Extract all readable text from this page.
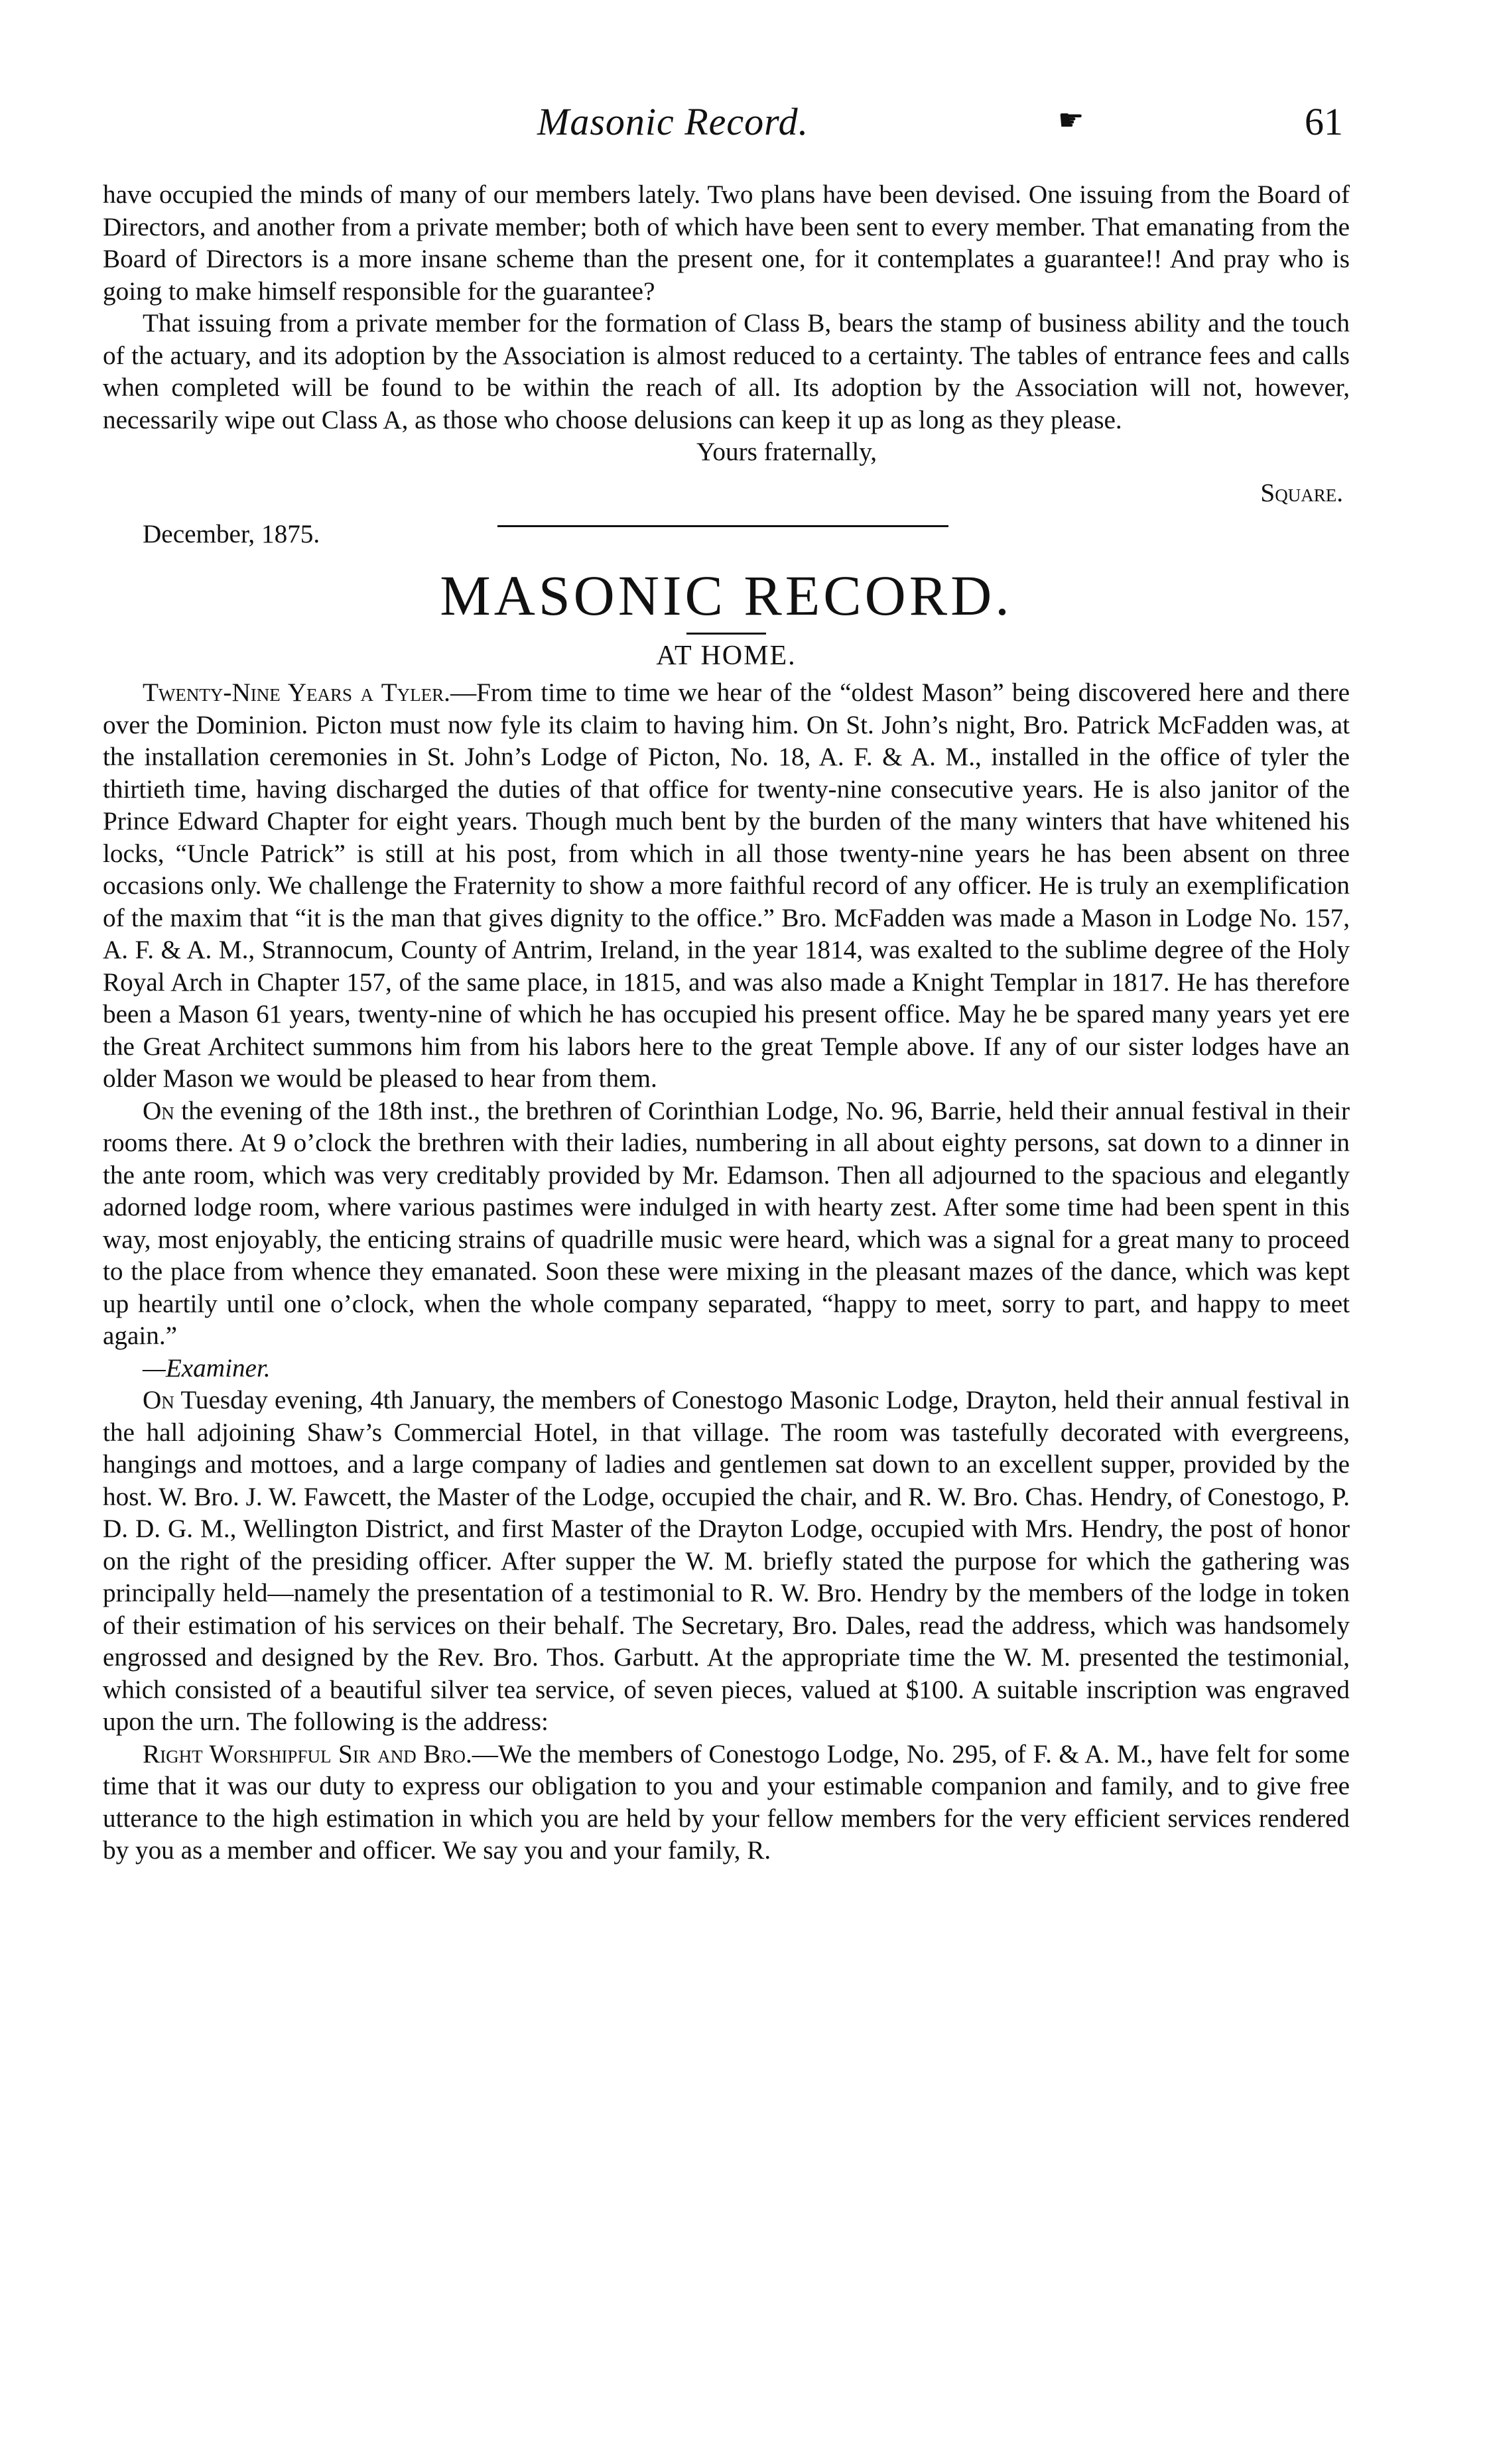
Masonic Record.	☛	61

have occupied the minds of many of our members lately. Two plans have been devised. One issuing from the Board of Directors, and another from a private member; both of which have been sent to every member. That emanating from the Board of Directors is a more insane scheme than the present one, for it contemplates a guarantee!! And pray who is going to make himself responsible for the guarantee?

That issuing from a private member for the formation of Class B, bears the stamp of business ability and the touch of the actuary, and its adoption by the Association is almost reduced to a certainty. The tables of entrance fees and calls when completed will be found to be within the reach of all. Its adoption by the Association will not, however, necessarily wipe out Class A, as those who choose delusions can keep it up as long as they please.

Yours fraternally,
Square.
December, 1875.
MASONIC RECORD.
AT HOME.

Twenty-Nine Years a Tyler.—From time to time we hear of the “oldest Mason” being discovered here and there over the Dominion. Picton must now fyle its claim to having him. On St. John’s night, Bro. Patrick McFadden was, at the installation ceremonies in St. John’s Lodge of Picton, No. 18, A. F. & A. M., installed in the office of tyler the thirtieth time, having discharged the duties of that office for twenty-nine consecutive years. He is also janitor of the Prince Edward Chapter for eight years. Though much bent by the burden of the many winters that have whitened his locks, “Uncle Patrick” is still at his post, from which in all those twenty-nine years he has been absent on three occasions only. We challenge the Fraternity to show a more faithful record of any officer. He is truly an exemplification of the maxim that “it is the man that gives dignity to the office.” Bro. McFadden was made a Mason in Lodge No. 157, A. F. & A. M., Strannocum, County of Antrim, Ireland, in the year 1814, was exalted to the sublime degree of the Holy Royal Arch in Chapter 157, of the same place, in 1815, and was also made a Knight Templar in 1817. He has therefore been a Mason 61 years, twenty-nine of which he has occupied his present office. May he be spared many years yet ere the Great Architect summons him from his labors here to the great Temple above. If any of our sister lodges have an older Mason we would be pleased to hear from them.

On the evening of the 18th inst., the brethren of Corinthian Lodge, No. 96, Barrie, held their annual festival in their rooms there. At 9 o’clock the brethren with their ladies, numbering in all about eighty persons, sat down to a dinner in the ante room, which was very creditably provided by Mr. Edamson. Then all adjourned to the spacious and elegantly adorned lodge room, where various pastimes were indulged in with hearty zest. After some time had been spent in this way, most enjoyably, the enticing strains of quadrille music were heard, which was a signal for a great many to proceed to the place from whence they emanated. Soon these were mixing in the pleasant mazes of the dance, which was kept up heartily until one o’clock, when the whole company separated, “happy to meet, sorry to part, and happy to meet again.”
—Examiner.

On Tuesday evening, 4th January, the members of Conestogo Masonic Lodge, Drayton, held their annual festival in the hall adjoining Shaw’s Commercial Hotel, in that village. The room was tastefully decorated with evergreens, hangings and mottoes, and a large company of ladies and gentlemen sat down to an excellent supper, provided by the host. W. Bro. J. W. Fawcett, the Master of the Lodge, occupied the chair, and R. W. Bro. Chas. Hendry, of Conestogo, P. D. D. G. M., Wellington District, and first Master of the Drayton Lodge, occupied with Mrs. Hendry, the post of honor on the right of the presiding officer. After supper the W. M. briefly stated the purpose for which the gathering was principally held—namely the presentation of a testimonial to R. W. Bro. Hendry by the members of the lodge in token of their estimation of his services on their behalf. The Secretary, Bro. Dales, read the address, which was handsomely engrossed and designed by the Rev. Bro. Thos. Garbutt. At the appropriate time the W. M. presented the testimonial, which consisted of a beautiful silver tea service, of seven pieces, valued at $100. A suitable inscription was engraved upon the urn. The following is the address:

Right Worshipful Sir and Bro.—We the members of Conestogo Lodge, No. 295, of F. & A. M., have felt for some time that it was our duty to express our obligation to you and your estimable companion and family, and to give free utterance to the high estimation in which you are held by your fellow members for the very efficient services rendered by you as a member and officer. We say you and your family, R.
